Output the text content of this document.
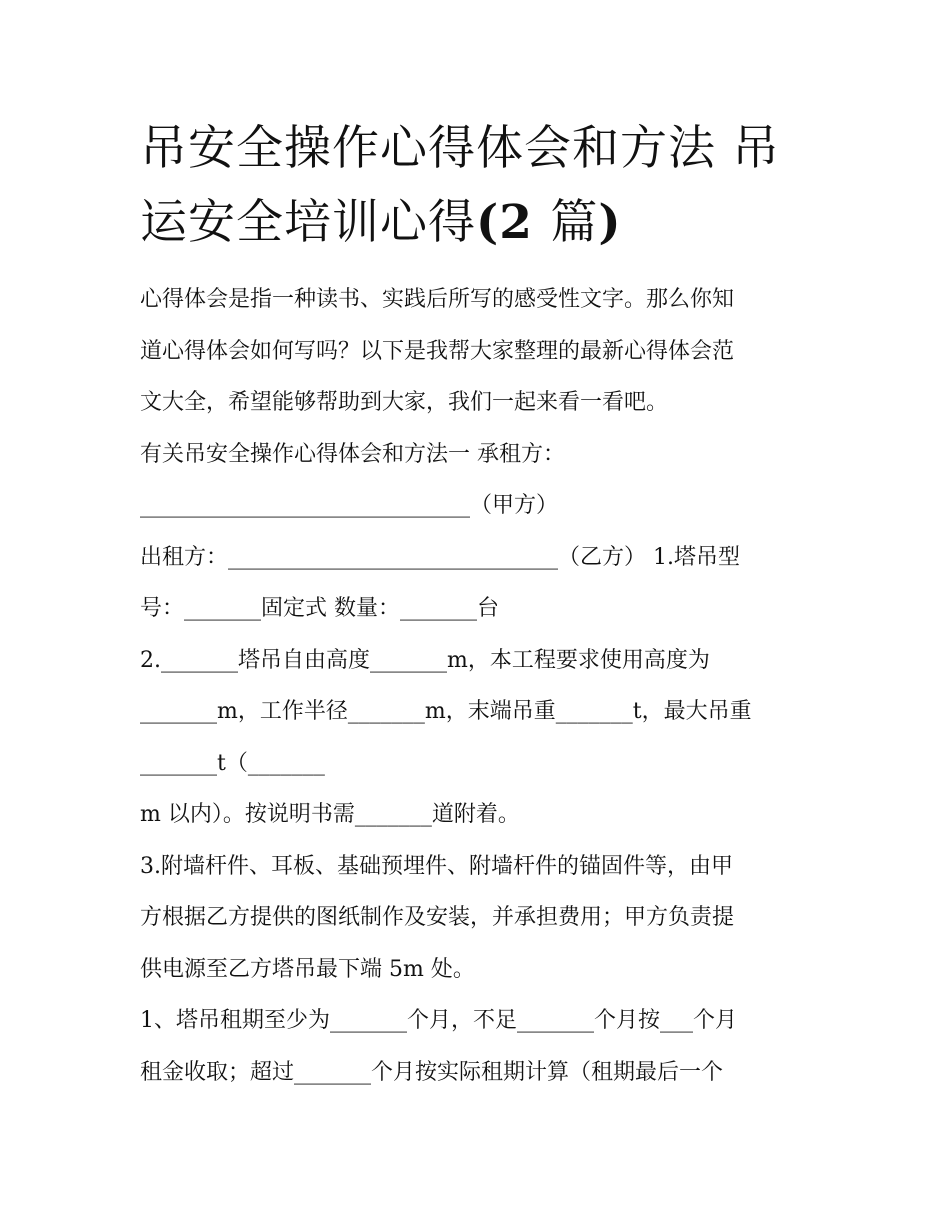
吊安全操作心得体会和方法 吊
运安全培训心得(2 篇)
心得体会是指一种读书、实践后所写的感受性文字。那么你知
道心得体会如何写吗？以下是我帮大家整理的最新心得体会范
文大全，希望能够帮助到大家，我们一起来看一看吧。
有关吊安全操作心得体会和方法一 承租方：
______________________________（甲方）
出租方：______________________________（乙方） 1.塔吊型
号：_______固定式 数量：_______台
2._______塔吊自由高度_______m，本工程要求使用高度为
_______m，工作半径_______m，末端吊重_______t，最大吊重
_______t（_______
m 以内）。按说明书需_______道附着。
3.附墙杆件、耳板、基础预埋件、附墙杆件的锚固件等，由甲
方根据乙方提供的图纸制作及安装，并承担费用；甲方负责提
供电源至乙方塔吊最下端 5m 处。
1、塔吊租期至少为_______个月，不足_______个月按___个月
租金收取；超过_______个月按实际租期计算（租期最后一个
